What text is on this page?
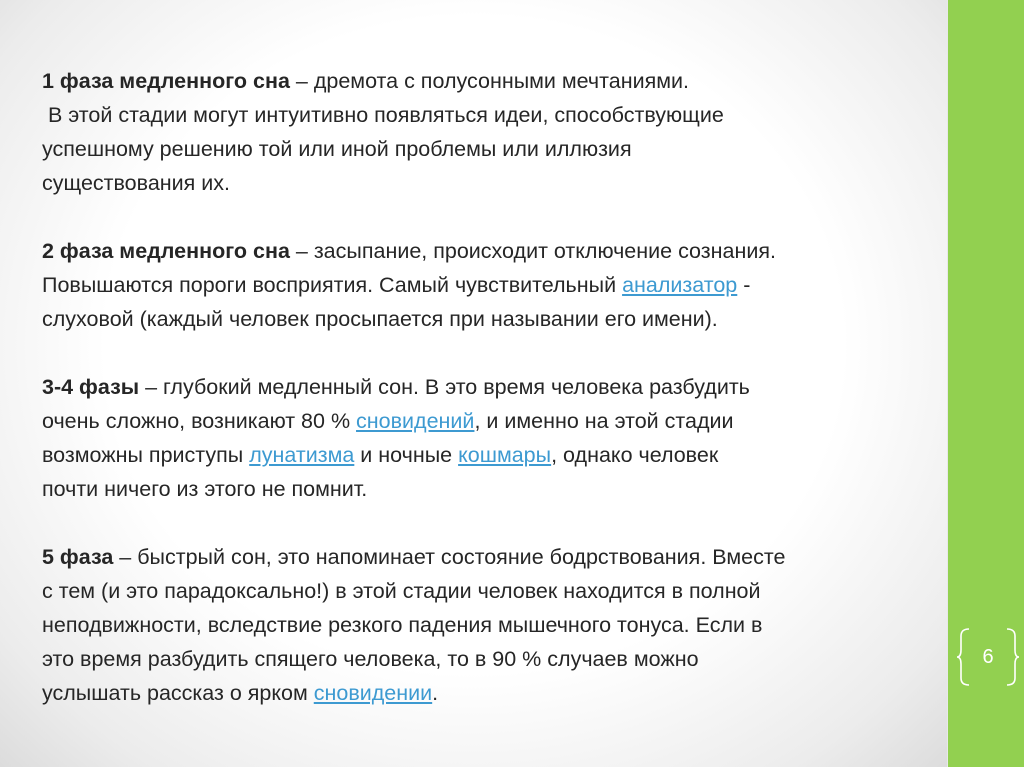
1 фаза медленного сна – дремота с полусонными мечтаниями.
В этой стадии могут интуитивно появляться идеи, способствующие
успешному решению той или иной проблемы или иллюзия
существования их.
2 фаза медленного сна – засыпание, происходит отключение сознания.
Повышаются пороги восприятия. Самый чувствительный анализатор -
слуховой (каждый человек просыпается при назывании его имени).
3-4 фазы – глубокий медленный сон. В это время человека разбудить
очень сложно, возникают 80 % сновидений, и именно на этой стадии
возможны приступы лунатизма и ночные кошмары, однако человек
почти ничего из этого не помнит.
5 фаза – быстрый сон, это напоминает состояние бодрствования. Вместе
с тем (и это парадоксально!) в этой стадии человек находится в полной
неподвижности, вследствие резкого падения мышечного тонуса. Если в
это время разбудить спящего человека, то в 90 % случаев можно
услышать рассказ о ярком сновидении.
6
